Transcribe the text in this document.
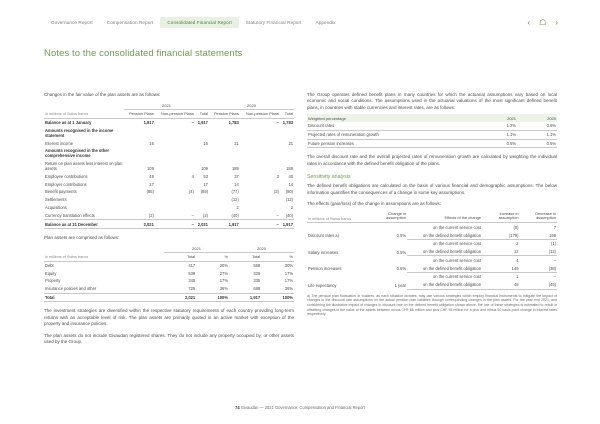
Governance Report	Compensation Report	Consolidated Financial Report	Statutory Financial Report	Appendix	‹ ☖ ›
Notes to the consolidated financial statements

Changes in the fair value of the plan assets are as follows:

	2021			2020		
in millions of Swiss francs	Pension Plans	Non-pension Plans	Total	Pension Plans	Non-pension Plans	Total
Balance as at 1 January	1,917	–	1,917	1,783	–	1,783
Amounts recognised in the income statement						
Interest income	16		16	21		21
Amounts recognised in the other comprehensive income						
Return on plan assets less interest on plan assets	109		109	189		189
Employee contributions	49	4	53	37	3	40
Employer contributions	17		17	14		14
Benefit payments	(85)	(4)	(89)	(77)	(3)	(80)
Settlements				(12)		(12)
Acquisitions				2		2
Currency translation effects	(2)	–	(2)	(40)	–	(40)
Balance as at 31 December	2,021	–	2,021	1,917	–	1,917

Plan assets are comprised as follows:

	2021		2020	
in millions of Swiss francs	Total	%	Total	%
Debt	417	20%	568	30%
Equity	539	27%	326	17%
Property	340	17%	335	17%
Insurance policies and other	725	36%	688	36%
Total	2,021	100%	1,917	100%

The investment strategies are diversified within the respective statutory requirements of each country providing long-term returns with an acceptable level of risk. The plan assets are primarily quoted in an active market with exception of the property and insurance policies.

The plan assets do not include Givaudan registered shares. They do not include any property occupied by, or other assets used by the Group.

The Group operates defined benefit plans in many countries for which the actuarial assumptions vary based on local economic and social conditions. The assumptions used in the actuarial valuations of the most significant defined benefit plans, in countries with stable currencies and interest rates, are as follows:

Weighted percentage	2021	2020
Discount rates	1.2%	0.9%
Projected rates of remuneration growth	1.1%	1.1%
Future pension increases	0.5%	0.5%

The overall discount rate and the overall projected rates of remuneration growth are calculated by weighting the individual rates in accordance with the defined benefit obligation of the plans.

Sensitivity analysis

The defined benefit obligations are calculated on the basis of various financial and demographic assumptions. The below information quantifies the consequences of a change in some key assumptions.

The effects (gain/loss) of the change in assumptions are as follows:

in millions of Swiss francs	Change in assumption	Effects of the change	Increase in assumption	Decrease in assumption
Discount rates a)	0.5%	on the current service cost	(6)	7
		on the defined benefit obligation	(179)	199
Salary increases	0.5%	on the current service cost	2	(1)
		on the defined benefit obligation	12	(12)
Pension increases	0.5%	on the current service cost	4	–
		on the defined benefit obligation	149	(38)
Life expectancy	1 year	on the current service cost	1	–
		on the defined benefit obligation	48	(49)
a) The pension plan fluctuation or trustees, as each situation dictates, may use various strategies which employ financial instruments to mitigate the impact of changes in the discount rate assumptions on the actual pension plan liabilities through corresponding changes in the plan assets. For the year end 2021, and considering the illustrative impact of changes in discount rate on the defined benefit obligation shown above, the use of these strategies is estimated to result in offsetting changes in the value of the assets between minus CHF 85 million and plus CHF 93 million for a plus and minus 50 basis point change in interest rates respectively.
74 Givaudan — 2021 Governance, Compensation and Financial Report
